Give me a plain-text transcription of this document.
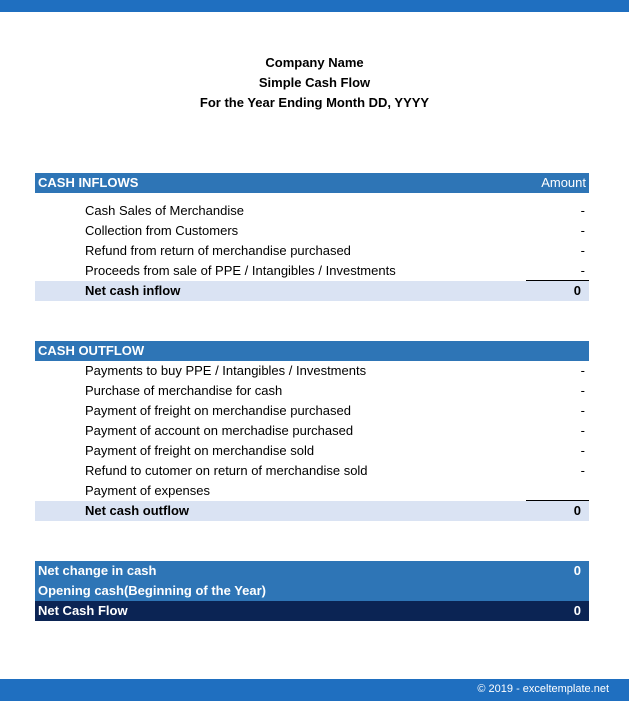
Company Name
Simple Cash Flow
For the Year Ending Month DD, YYYY
CASH INFLOWS	Amount
Cash Sales of Merchandise	-
Collection from Customers	-
Refund from return of merchandise purchased	-
Proceeds from sale of PPE / Intangibles / Investments	-
Net cash inflow	0
CASH OUTFLOW
Payments to buy PPE / Intangibles / Investments	-
Purchase of merchandise for cash	-
Payment of freight on merchandise purchased	-
Payment of account on merchadise purchased	-
Payment of freight on merchandise sold	-
Refund to cutomer on return of merchandise sold	-
Payment of expenses
Net cash outflow	0
Net change in cash	0
Opening cash(Beginning of the Year)
Net Cash Flow	0
© 2019 - exceltemplate.net
